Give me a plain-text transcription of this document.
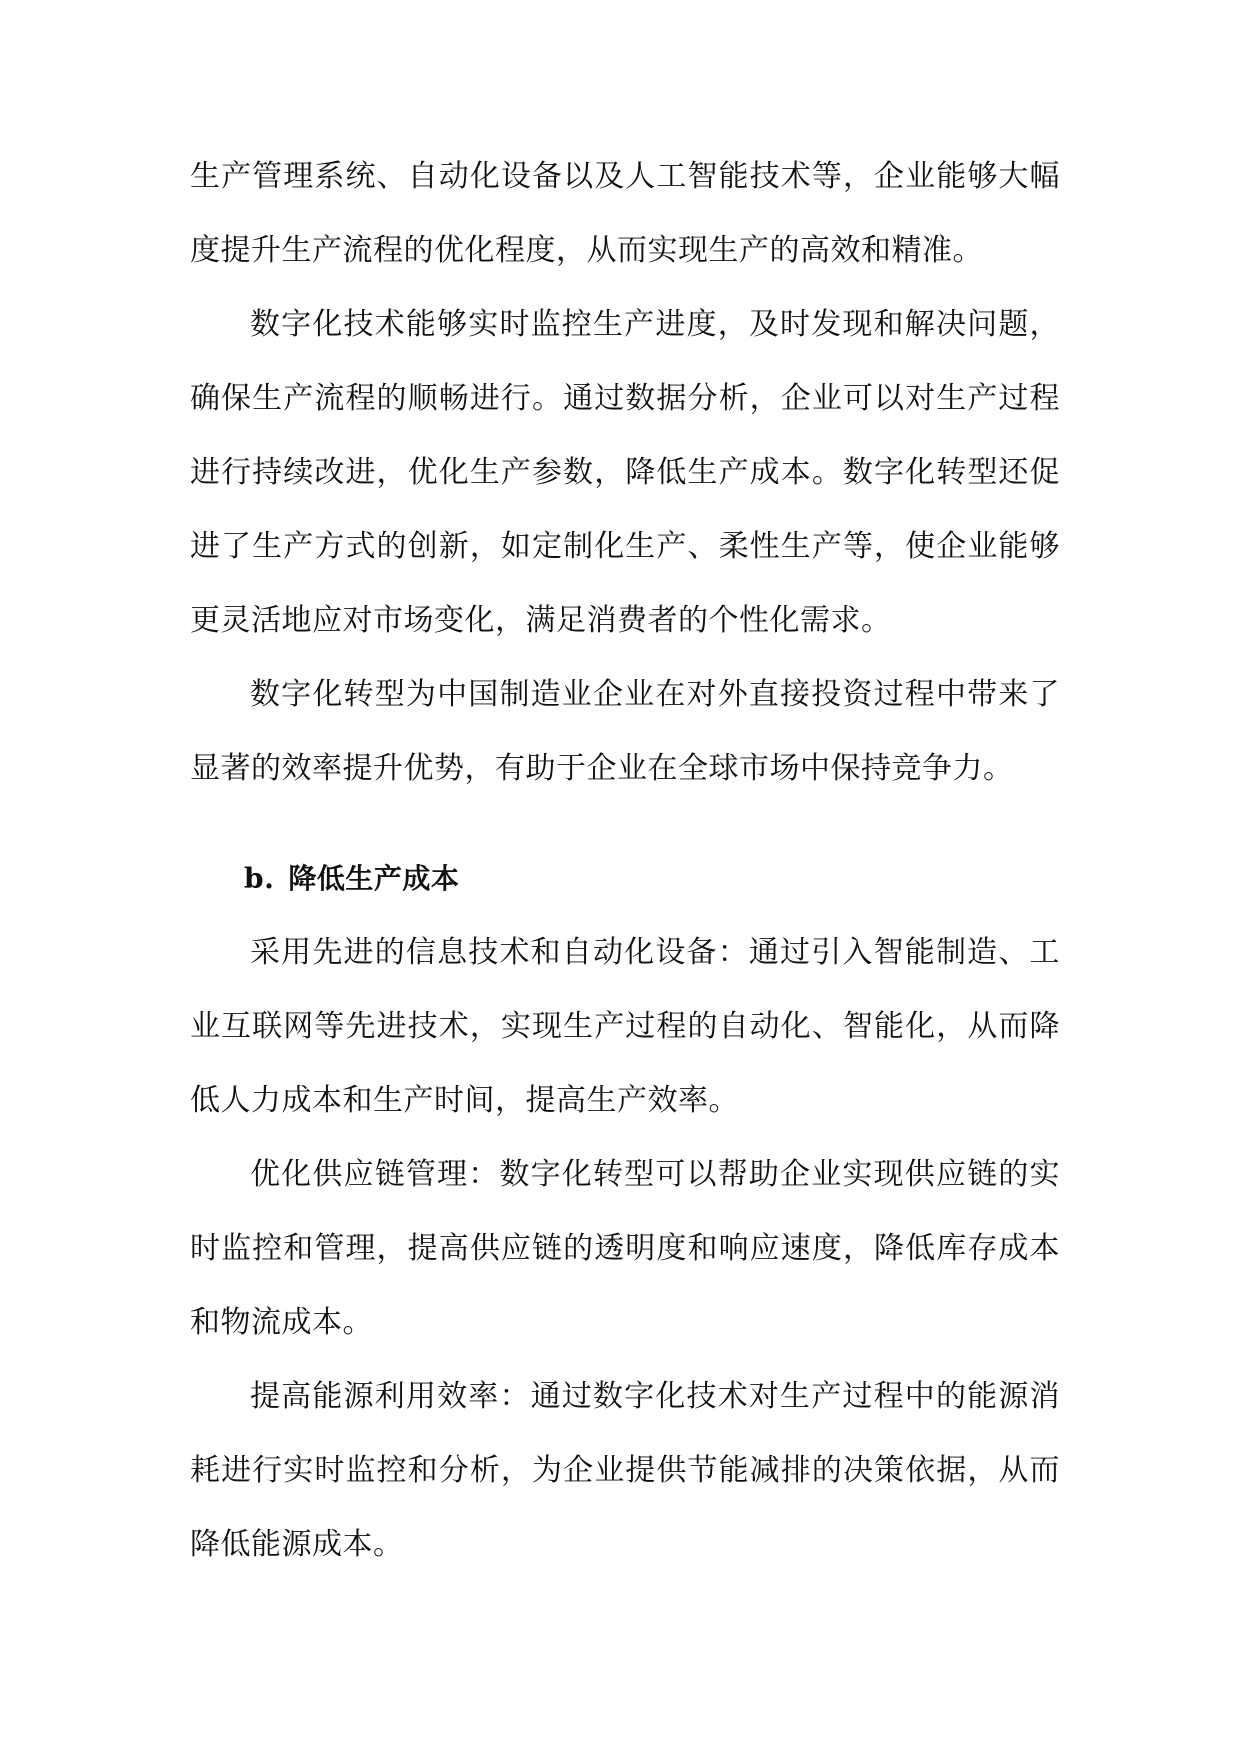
生产管理系统、自动化设备以及人工智能技术等，企业能够大幅度提升生产流程的优化程度，从而实现生产的高效和精准。

数字化技术能够实时监控生产进度，及时发现和解决问题，确保生产流程的顺畅进行。通过数据分析，企业可以对生产过程进行持续改进，优化生产参数，降低生产成本。数字化转型还促进了生产方式的创新，如定制化生产、柔性生产等，使企业能够更灵活地应对市场变化，满足消费者的个性化需求。

数字化转型为中国制造业企业在对外直接投资过程中带来了显著的效率提升优势，有助于企业在全球市场中保持竞争力。

b. 降低生产成本

采用先进的信息技术和自动化设备：通过引入智能制造、工业互联网等先进技术，实现生产过程的自动化、智能化，从而降低人力成本和生产时间，提高生产效率。

优化供应链管理：数字化转型可以帮助企业实现供应链的实时监控和管理，提高供应链的透明度和响应速度，降低库存成本和物流成本。

提高能源利用效率：通过数字化技术对生产过程中的能源消耗进行实时监控和分析，为企业提供节能减排的决策依据，从而降低能源成本。
